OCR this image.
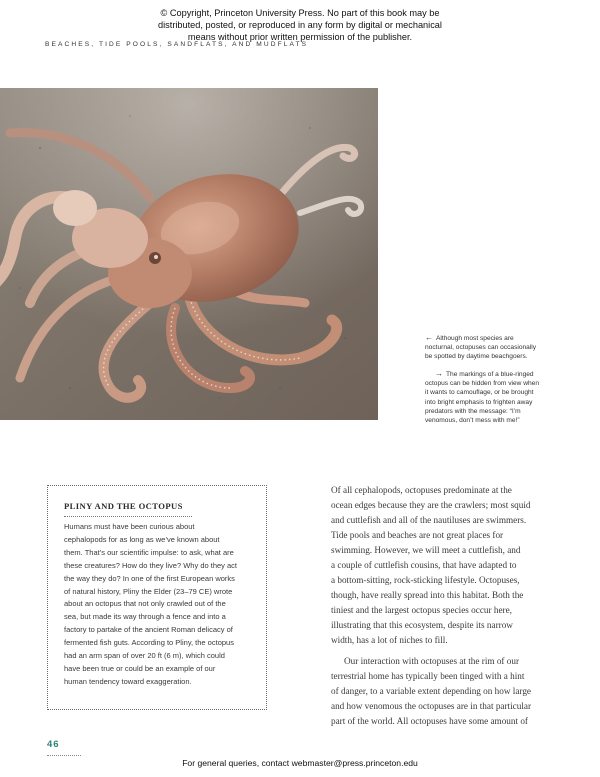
© Copyright, Princeton University Press. No part of this book may be
distributed, posted, or reproduced in any form by digital or mechanical
means without prior written permission of the publisher.
BEACHES, TIDE POOLS, SANDFLATS, AND MUDFLATS
← Although most species are
nocturnal, octopuses can occasionally
be spotted by daytime beachgoers.
→ The markings of a blue-ringed
octopus can be hidden from view when
it wants to camouflage, or be brought
into bright emphasis to frighten away
predators with the message: “I’m
venomous, don’t mess with me!”
PLINY AND THE OCTOPUS

Humans must have been curious about

cephalopods for as long as we’ve known about

them. That’s our scientific impulse: to ask, what are

these creatures? How do they live? Why do they act

the way they do? In one of the first European works

of natural history, Pliny the Elder (23–79 CE) wrote

about an octopus that not only crawled out of the

sea, but made its way through a fence and into a

factory to partake of the ancient Roman delicacy of

fermented fish guts. According to Pliny, the octopus

had an arm span of over 20 ft (6 m), which could

have been true or could be an example of our

human tendency toward exaggeration.

Of all cephalopods, octopuses predominate at the
ocean edges because they are the crawlers; most squid
and cuttlefish and all of the nautiluses are swimmers.
Tide pools and beaches are not great places for
swimming. However, we will meet a cuttlefish, and
a couple of cuttlefish cousins, that have adapted to
a bottom-sitting, rock-sticking lifestyle. Octopuses,
though, have really spread into this habitat. Both the
tiniest and the largest octopus species occur here,
illustrating that this ecosystem, despite its narrow
width, has a lot of niches to fill.

Our interaction with octopuses at the rim of our
terrestrial home has typically been tinged with a hint
of danger, to a variable extent depending on how large
and how venomous the octopuses are in that particular
part of the world. All octopuses have some amount of

46
For general queries, contact webmaster@press.princeton.edu
